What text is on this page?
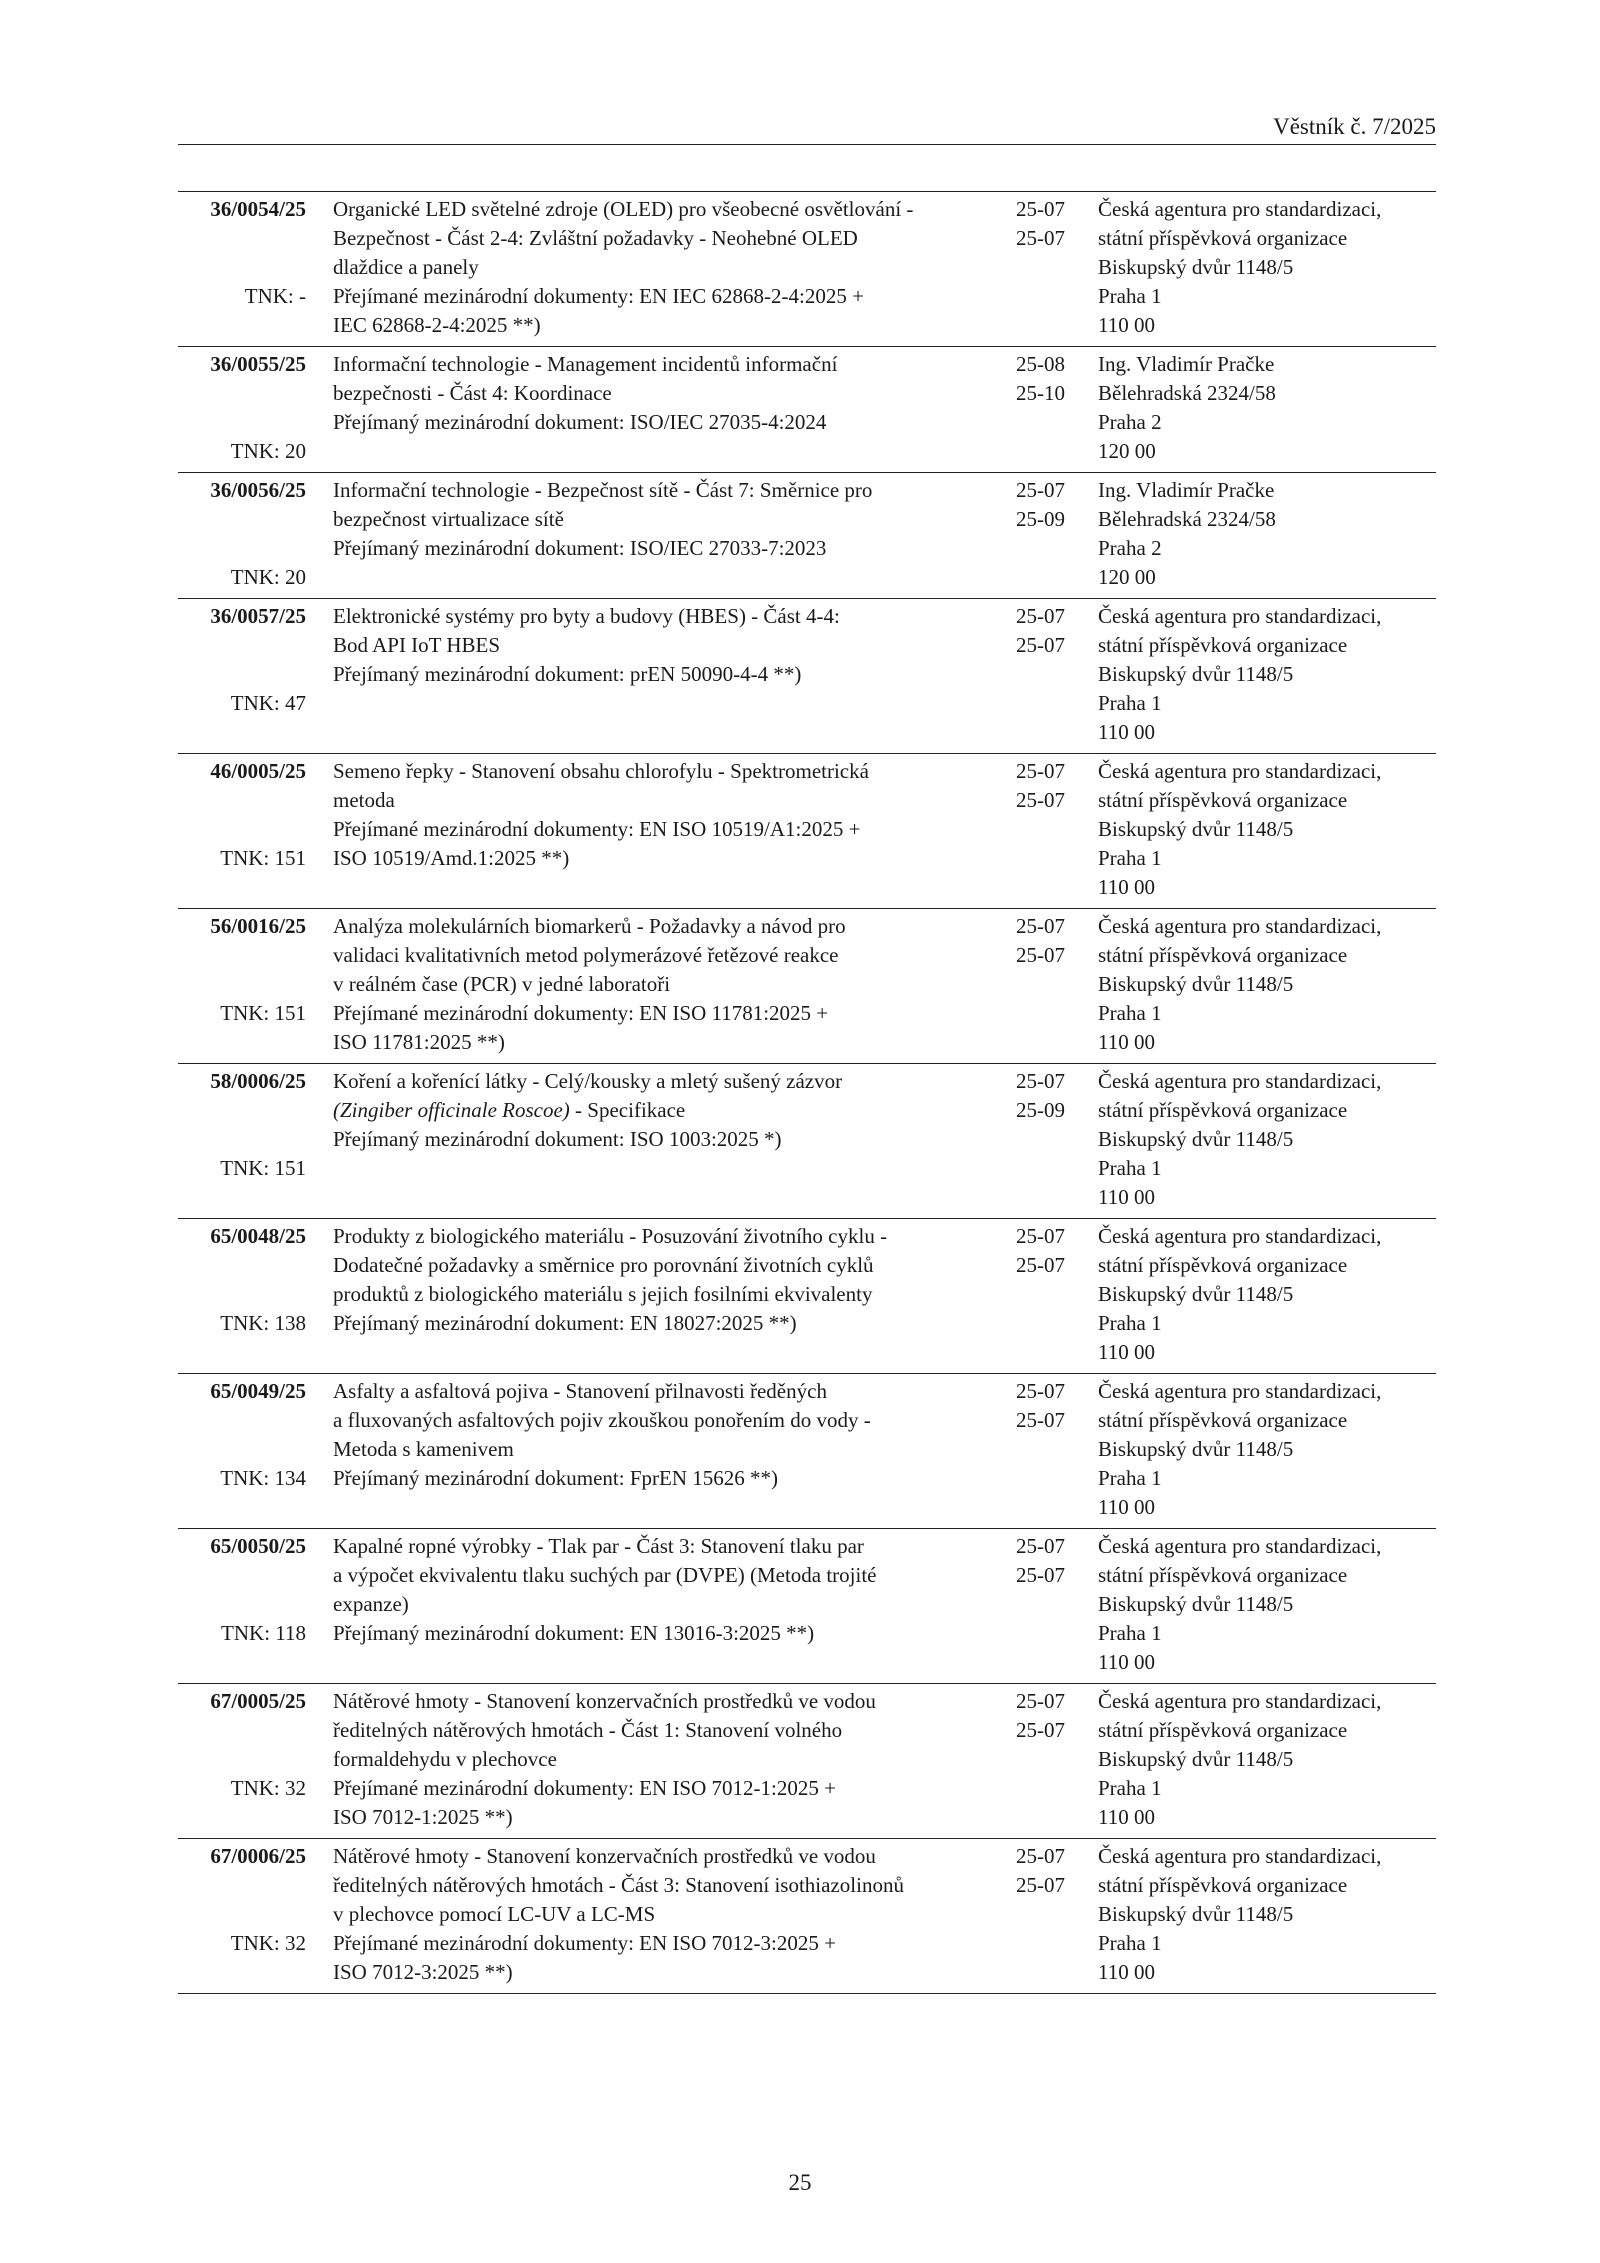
Věstník č. 7/2025
36/0054/25

TNK: -
Organické LED světelné zdroje (OLED) pro všeobecné osvětlování -
Bezpečnost - Část 2-4: Zvláštní požadavky - Neohebné OLED
dlaždice a panely
Přejímané mezinárodní dokumenty: EN IEC 62868-2-4:2025 +
IEC 62868-2-4:2025 **)
25-07
25-07
Česká agentura pro standardizaci,
státní příspěvková organizace
Biskupský dvůr 1148/5
Praha 1
110 00
36/0055/25

TNK: 20
Informační technologie - Management incidentů informační
bezpečnosti - Část 4: Koordinace
Přejímaný mezinárodní dokument: ISO/IEC 27035-4:2024
25-08
25-10
Ing. Vladimír Pračke
Bělehradská 2324/58
Praha 2
120 00
36/0056/25

TNK: 20
Informační technologie - Bezpečnost sítě - Část 7: Směrnice pro
bezpečnost virtualizace sítě
Přejímaný mezinárodní dokument: ISO/IEC 27033-7:2023
25-07
25-09
Ing. Vladimír Pračke
Bělehradská 2324/58
Praha 2
120 00
36/0057/25

TNK: 47
Elektronické systémy pro byty a budovy (HBES) - Část 4-4:
Bod API IoT HBES
Přejímaný mezinárodní dokument: prEN 50090-4-4 **)
25-07
25-07
Česká agentura pro standardizaci,
státní příspěvková organizace
Biskupský dvůr 1148/5
Praha 1
110 00
46/0005/25

TNK: 151
Semeno řepky - Stanovení obsahu chlorofylu - Spektrometrická
metoda
Přejímané mezinárodní dokumenty: EN ISO 10519/A1:2025 +
ISO 10519/Amd.1:2025 **)
25-07
25-07
Česká agentura pro standardizaci,
státní příspěvková organizace
Biskupský dvůr 1148/5
Praha 1
110 00
56/0016/25

TNK: 151
Analýza molekulárních biomarkerů - Požadavky a návod pro
validaci kvalitativních metod polymerázové řetězové reakce
v reálném čase (PCR) v jedné laboratoři
Přejímané mezinárodní dokumenty: EN ISO 11781:2025 +
ISO 11781:2025 **)
25-07
25-07
Česká agentura pro standardizaci,
státní příspěvková organizace
Biskupský dvůr 1148/5
Praha 1
110 00
58/0006/25

TNK: 151
Koření a kořenící látky - Celý/kousky a mletý sušený zázvor
(Zingiber officinale Roscoe) - Specifikace
Přejímaný mezinárodní dokument: ISO 1003:2025 *)
25-07
25-09
Česká agentura pro standardizaci,
státní příspěvková organizace
Biskupský dvůr 1148/5
Praha 1
110 00
65/0048/25

TNK: 138
Produkty z biologického materiálu - Posuzování životního cyklu -
Dodatečné požadavky a směrnice pro porovnání životních cyklů
produktů z biologického materiálu s jejich fosilními ekvivalenty
Přejímaný mezinárodní dokument: EN 18027:2025 **)
25-07
25-07
Česká agentura pro standardizaci,
státní příspěvková organizace
Biskupský dvůr 1148/5
Praha 1
110 00
65/0049/25

TNK: 134
Asfalty a asfaltová pojiva - Stanovení přilnavosti ředěných
a fluxovaných asfaltových pojiv zkouškou ponořením do vody -
Metoda s kamenivem
Přejímaný mezinárodní dokument: FprEN 15626 **)
25-07
25-07
Česká agentura pro standardizaci,
státní příspěvková organizace
Biskupský dvůr 1148/5
Praha 1
110 00
65/0050/25

TNK: 118
Kapalné ropné výrobky - Tlak par - Část 3: Stanovení tlaku par
a výpočet ekvivalentu tlaku suchých par (DVPE) (Metoda trojité
expanze)
Přejímaný mezinárodní dokument: EN 13016-3:2025 **)
25-07
25-07
Česká agentura pro standardizaci,
státní příspěvková organizace
Biskupský dvůr 1148/5
Praha 1
110 00
67/0005/25

TNK: 32
Nátěrové hmoty - Stanovení konzervačních prostředků ve vodou
ředitelných nátěrových hmotách - Část 1: Stanovení volného
formaldehydu v plechovce
Přejímané mezinárodní dokumenty: EN ISO 7012-1:2025 +
ISO 7012-1:2025 **)
25-07
25-07
Česká agentura pro standardizaci,
státní příspěvková organizace
Biskupský dvůr 1148/5
Praha 1
110 00
67/0006/25

TNK: 32
Nátěrové hmoty - Stanovení konzervačních prostředků ve vodou
ředitelných nátěrových hmotách - Část 3: Stanovení isothiazolinonů
v plechovce pomocí LC-UV a LC-MS
Přejímané mezinárodní dokumenty: EN ISO 7012-3:2025 +
ISO 7012-3:2025 **)
25-07
25-07
Česká agentura pro standardizaci,
státní příspěvková organizace
Biskupský dvůr 1148/5
Praha 1
110 00
25
